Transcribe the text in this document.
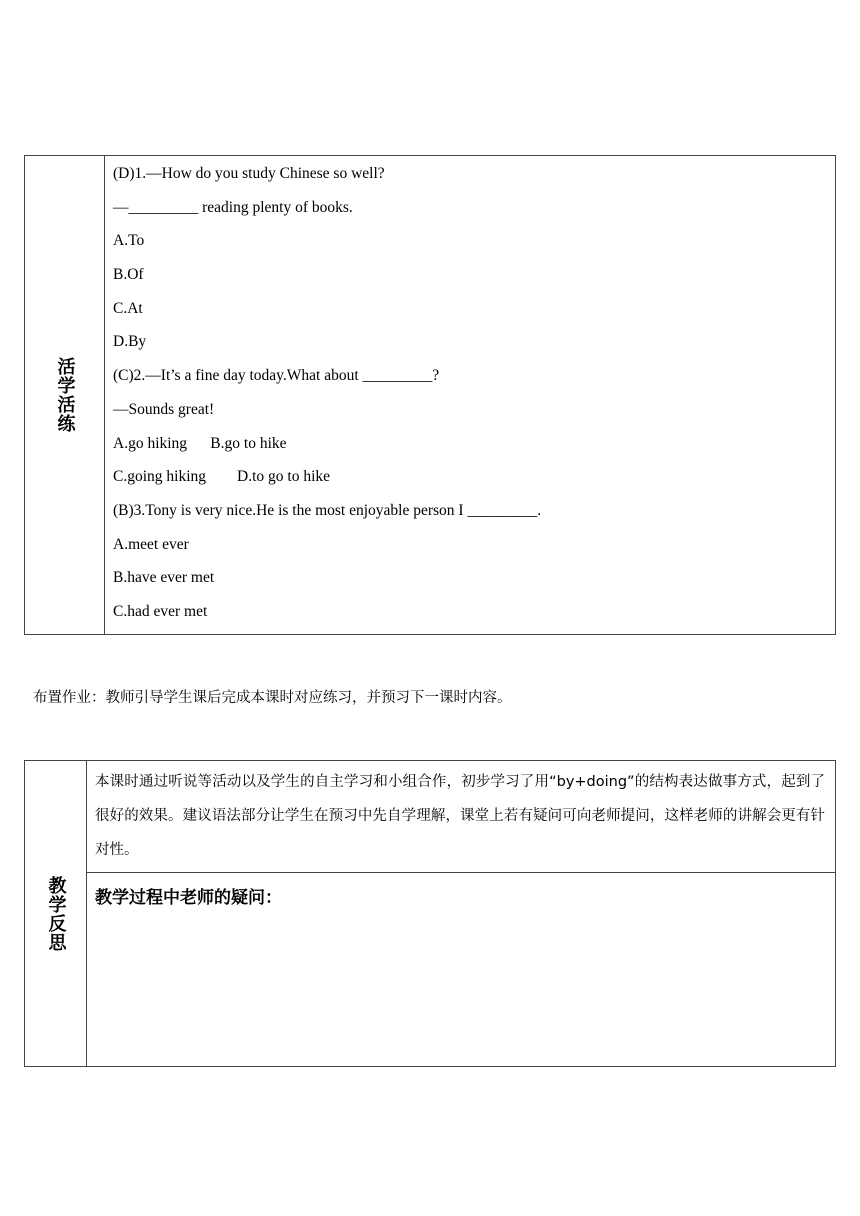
活学活练
(D)1.—How do you study Chinese so well?
—_________ reading plenty of books.
A.To
B.Of
C.At
D.By
(C)2.—It’s a fine day today.What about _________?
—Sounds great!
A.go hiking      B.go to hike
C.going hiking        D.to go to hike
(B)3.Tony is very nice.He is the most enjoyable person I _________.
A.meet ever
B.have ever met
C.had ever met
布置作业：教师引导学生课后完成本课时对应练习，并预习下一课时内容。
教学反思
本课时通过听说等活动以及学生的自主学习和小组合作，初步学习了用“by+doing”的结构表达做事方式，起到了很好的效果。建议语法部分让学生在预习中先自学理解，课堂上若有疑问可向老师提问，这样老师的讲解会更有针对性。
教学过程中老师的疑问：
